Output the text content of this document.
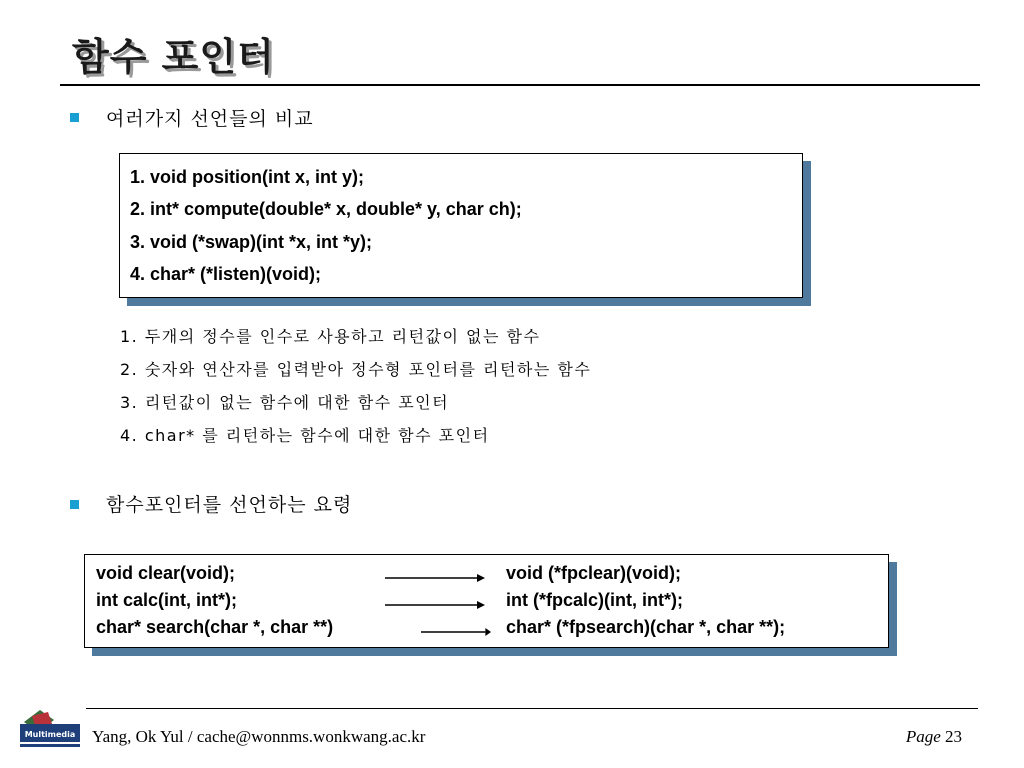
함수 포인터
여러가지 선언들의 비교
1. void position(int x, int y);
2. int* compute(double* x, double* y, char ch);
3. void (*swap)(int *x, int *y);
4. char* (*listen)(void);
1. 두개의 정수를 인수로 사용하고 리턴값이 없는 함수
2. 숫자와 연산자를 입력받아 정수형 포인터를 리턴하는 함수
3. 리턴값이 없는 함수에 대한 함수 포인터
4. char* 를 리턴하는 함수에 대한 함수 포인터
함수포인터를 선언하는 요령
void clear(void);	void (*fpclear)(void);
int calc(int, int*);	int (*fpcalc)(int, int*);
char* search(char *, char **)	char* (*fpsearch)(char *, char **);
Multimedia Yang, Ok Yul / cache@wonnms.wonkwang.ac.kr	Page 23
